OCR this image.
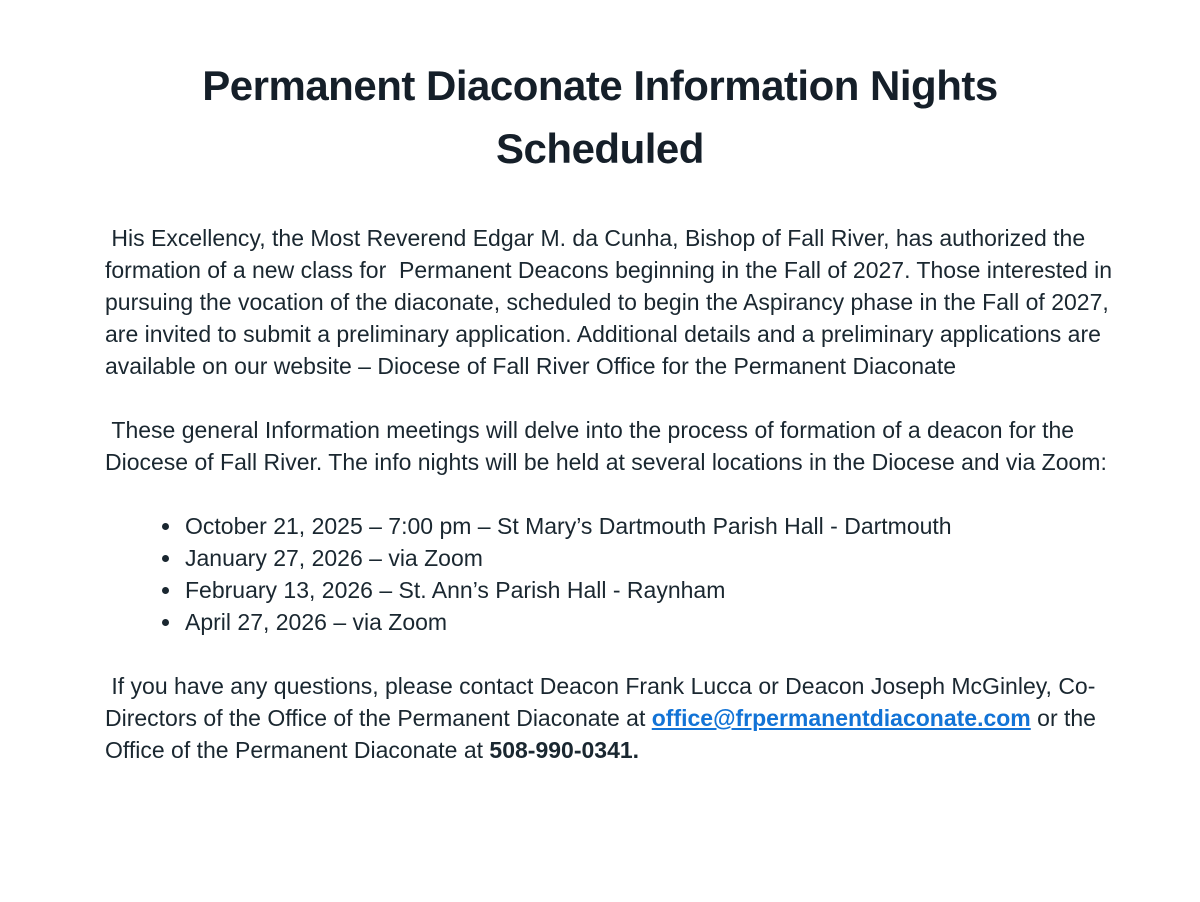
Permanent Diaconate Information Nights Scheduled

His Excellency, the Most Reverend Edgar M. da Cunha, Bishop of Fall River, has authorized the formation of a new class for  Permanent Deacons beginning in the Fall of 2027. Those interested in pursuing the vocation of the diaconate, scheduled to begin the Aspirancy phase in the Fall of 2027, are invited to submit a preliminary application. Additional details and a preliminary applications are available on our website – Diocese of Fall River Office for the Permanent Diaconate

These general Information meetings will delve into the process of formation of a deacon for the Diocese of Fall River. The info nights will be held at several locations in the Diocese and via Zoom:

• October 21, 2025 – 7:00 pm – St Mary’s Dartmouth Parish Hall - Dartmouth
• January 27, 2026 – via Zoom
• February 13, 2026 – St. Ann’s Parish Hall - Raynham
• April 27, 2026 – via Zoom

If you have any questions, please contact Deacon Frank Lucca or Deacon Joseph McGinley, Co-Directors of the Office of the Permanent Diaconate at office@frpermanentdiaconate.com or the Office of the Permanent Diaconate at 508-990-0341.
